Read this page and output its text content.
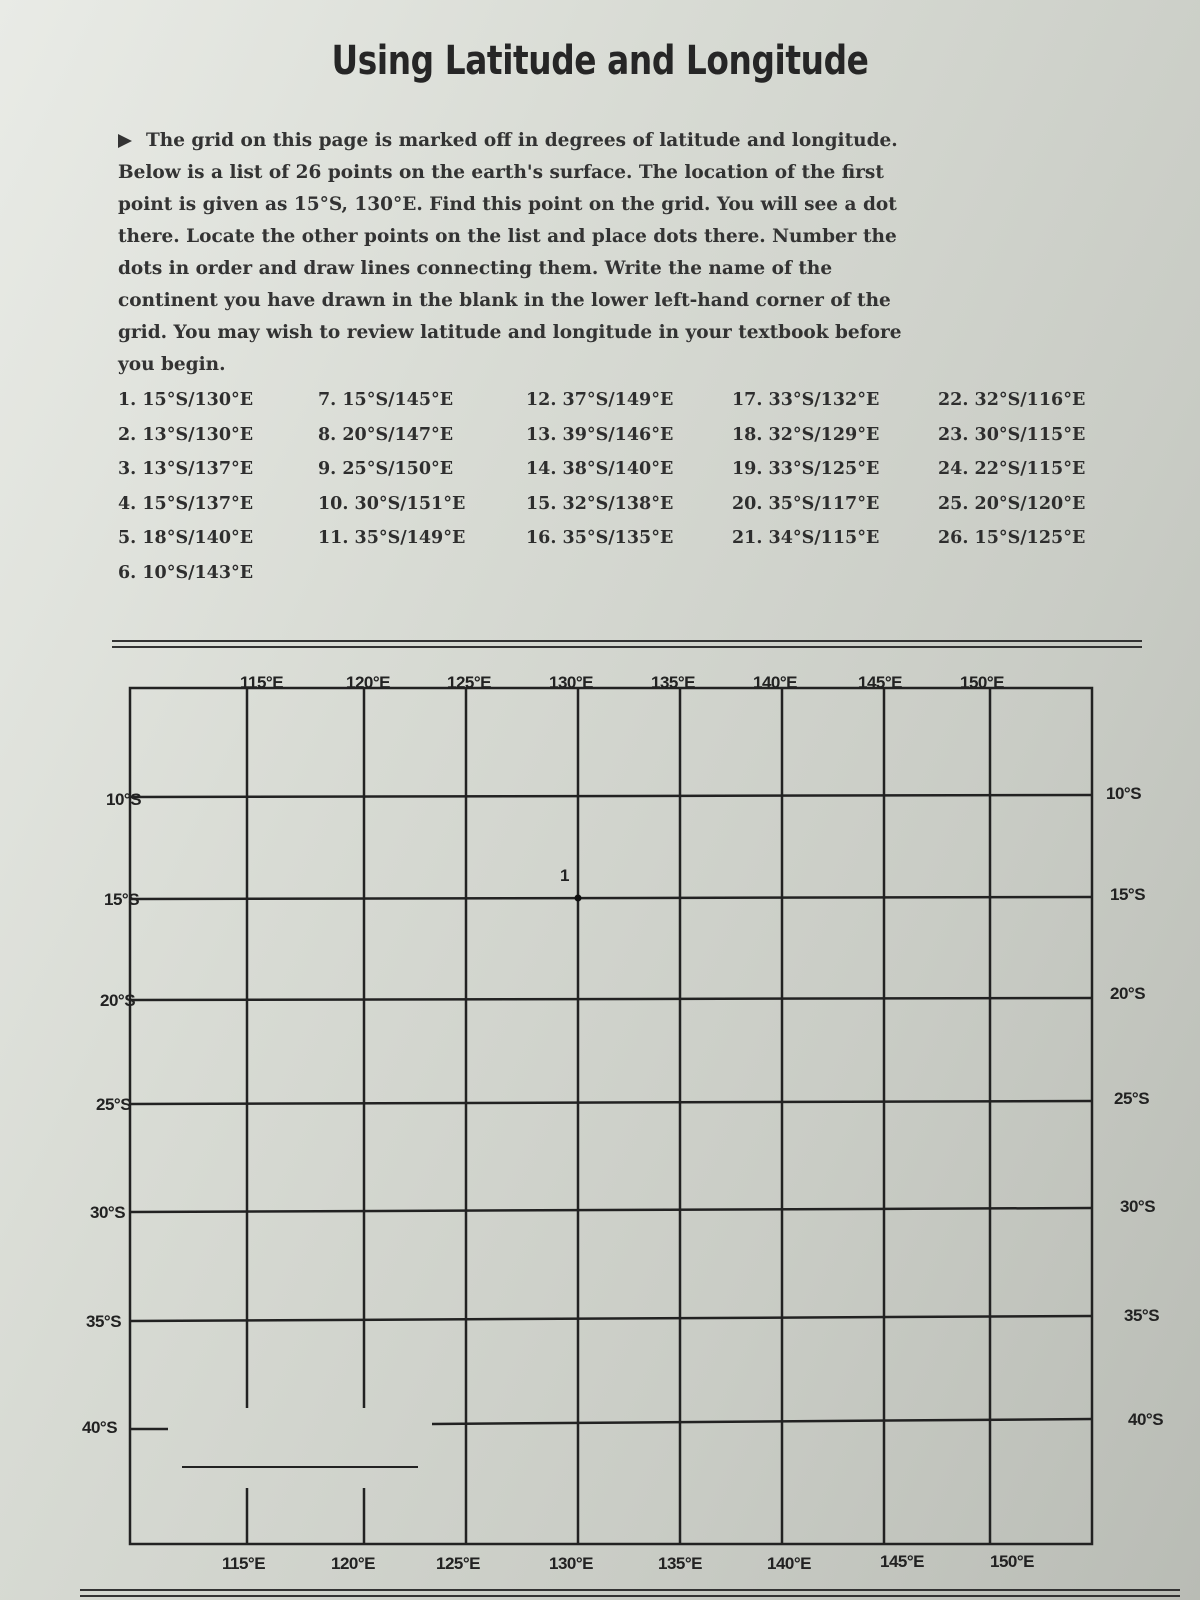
Using Latitude and Longitude
The grid on this page is marked off in degrees of latitude and longitude. Below is a list of 26 points on the earth's surface. The location of the first point is given as 15°S, 130°E. Find this point on the grid. You will see a dot there. Locate the other points on the list and place dots there. Number the dots in order and draw lines connecting them. Write the name of the continent you have drawn in the blank in the lower left-hand corner of the grid. You may wish to review latitude and longitude in your textbook before you begin.
1. 15°S/130°E
2. 13°S/130°E
3. 13°S/137°E
4. 15°S/137°E
5. 18°S/140°E
6. 10°S/143°E
7. 15°S/145°E
8. 20°S/147°E
9. 25°S/150°E
10. 30°S/151°E
11. 35°S/149°E
12. 37°S/149°E
13. 39°S/146°E
14. 38°S/140°E
15. 32°S/138°E
16. 35°S/135°E
17. 33°S/132°E
18. 32°S/129°E
19. 33°S/125°E
20. 35°S/117°E
21. 34°S/115°E
22. 32°S/116°E
23. 30°S/115°E
24. 22°S/115°E
25. 20°S/120°E
26. 15°S/125°E
1
115°E	120°E	125°E	130°E	135°E	140°E	145°E	150°E
115°E	120°E	125°E	130°E	135°E	140°E	145°E	150°E
10°S
15°S
20°S
25°S
30°S
35°S
40°S
10°S
15°S
20°S
25°S
30°S
35°S
40°S
